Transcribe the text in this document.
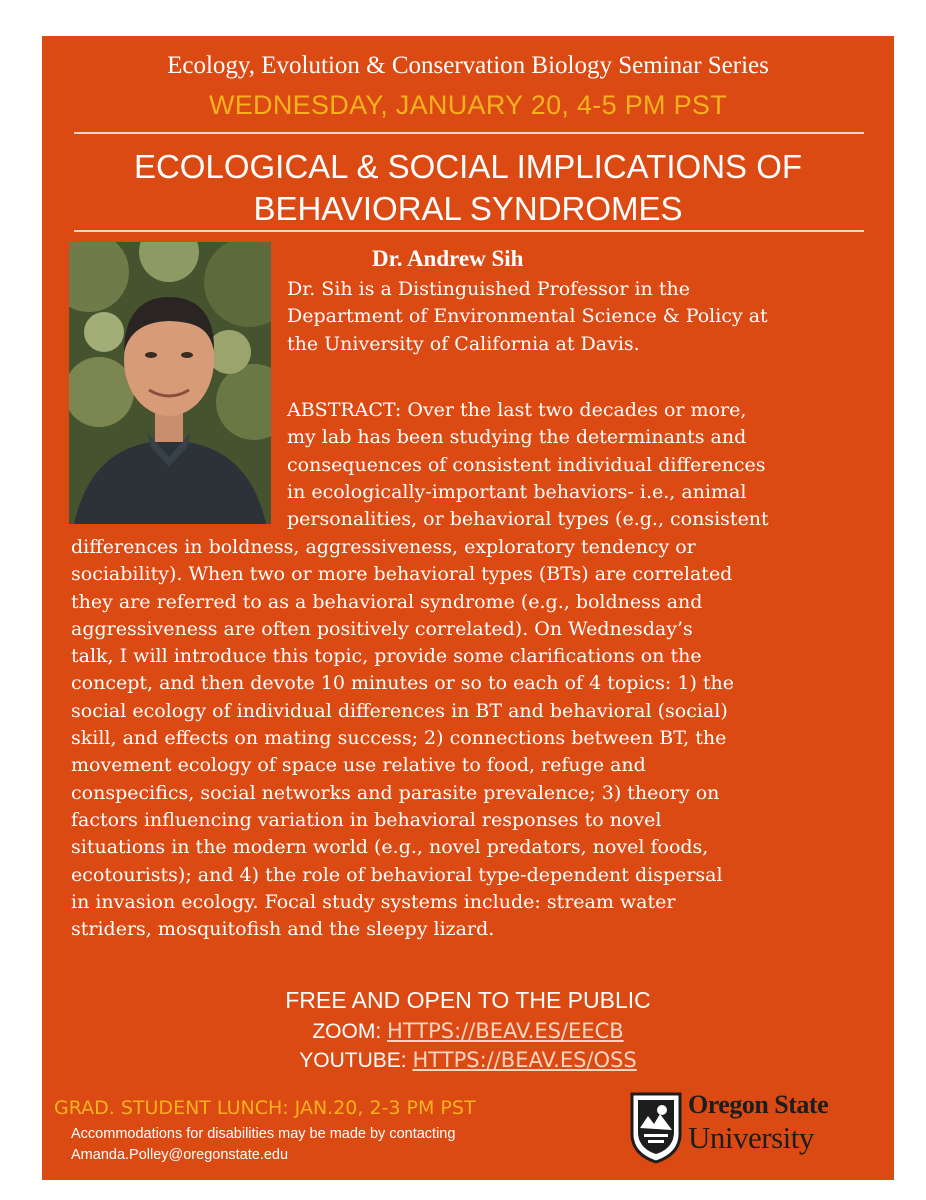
Ecology, Evolution & Conservation Biology Seminar Series
WEDNESDAY, JANUARY 20, 4-5 PM PST
ECOLOGICAL & SOCIAL IMPLICATIONS OF
BEHAVIORAL SYNDROMES
Dr. Andrew Sih
Dr. Sih is a Distinguished Professor in the
Department of Environmental Science & Policy at
the University of California at Davis.
ABSTRACT: Over the last two decades or more,
my lab has been studying the determinants and
consequences of consistent individual differences
in ecologically-important behaviors- i.e., animal
personalities, or behavioral types (e.g., consistent
differences in boldness, aggressiveness, exploratory tendency or
sociability). When two or more behavioral types (BTs) are correlated
they are referred to as a behavioral syndrome (e.g., boldness and
aggressiveness are often positively correlated). On Wednesday’s
talk, I will introduce this topic, provide some clarifications on the
concept, and then devote 10 minutes or so to each of 4 topics: 1) the
social ecology of individual differences in BT and behavioral (social)
skill, and effects on mating success; 2) connections between BT, the
movement ecology of space use relative to food, refuge and
conspecifics, social networks and parasite prevalence; 3) theory on
factors influencing variation in behavioral responses to novel
situations in the modern world (e.g., novel predators, novel foods,
ecotourists); and 4) the role of behavioral type-dependent dispersal
in invasion ecology. Focal study systems include: stream water
striders, mosquitofish and the sleepy lizard.
FREE AND OPEN TO THE PUBLIC
ZOOM: HTTPS://BEAV.ES/EECB
YOUTUBE: HTTPS://BEAV.ES/OSS
GRAD. STUDENT LUNCH: JAN.20, 2-3 PM PST
Accommodations for disabilities may be made by contacting
Amanda.Polley@oregonstate.edu
Oregon State
University
